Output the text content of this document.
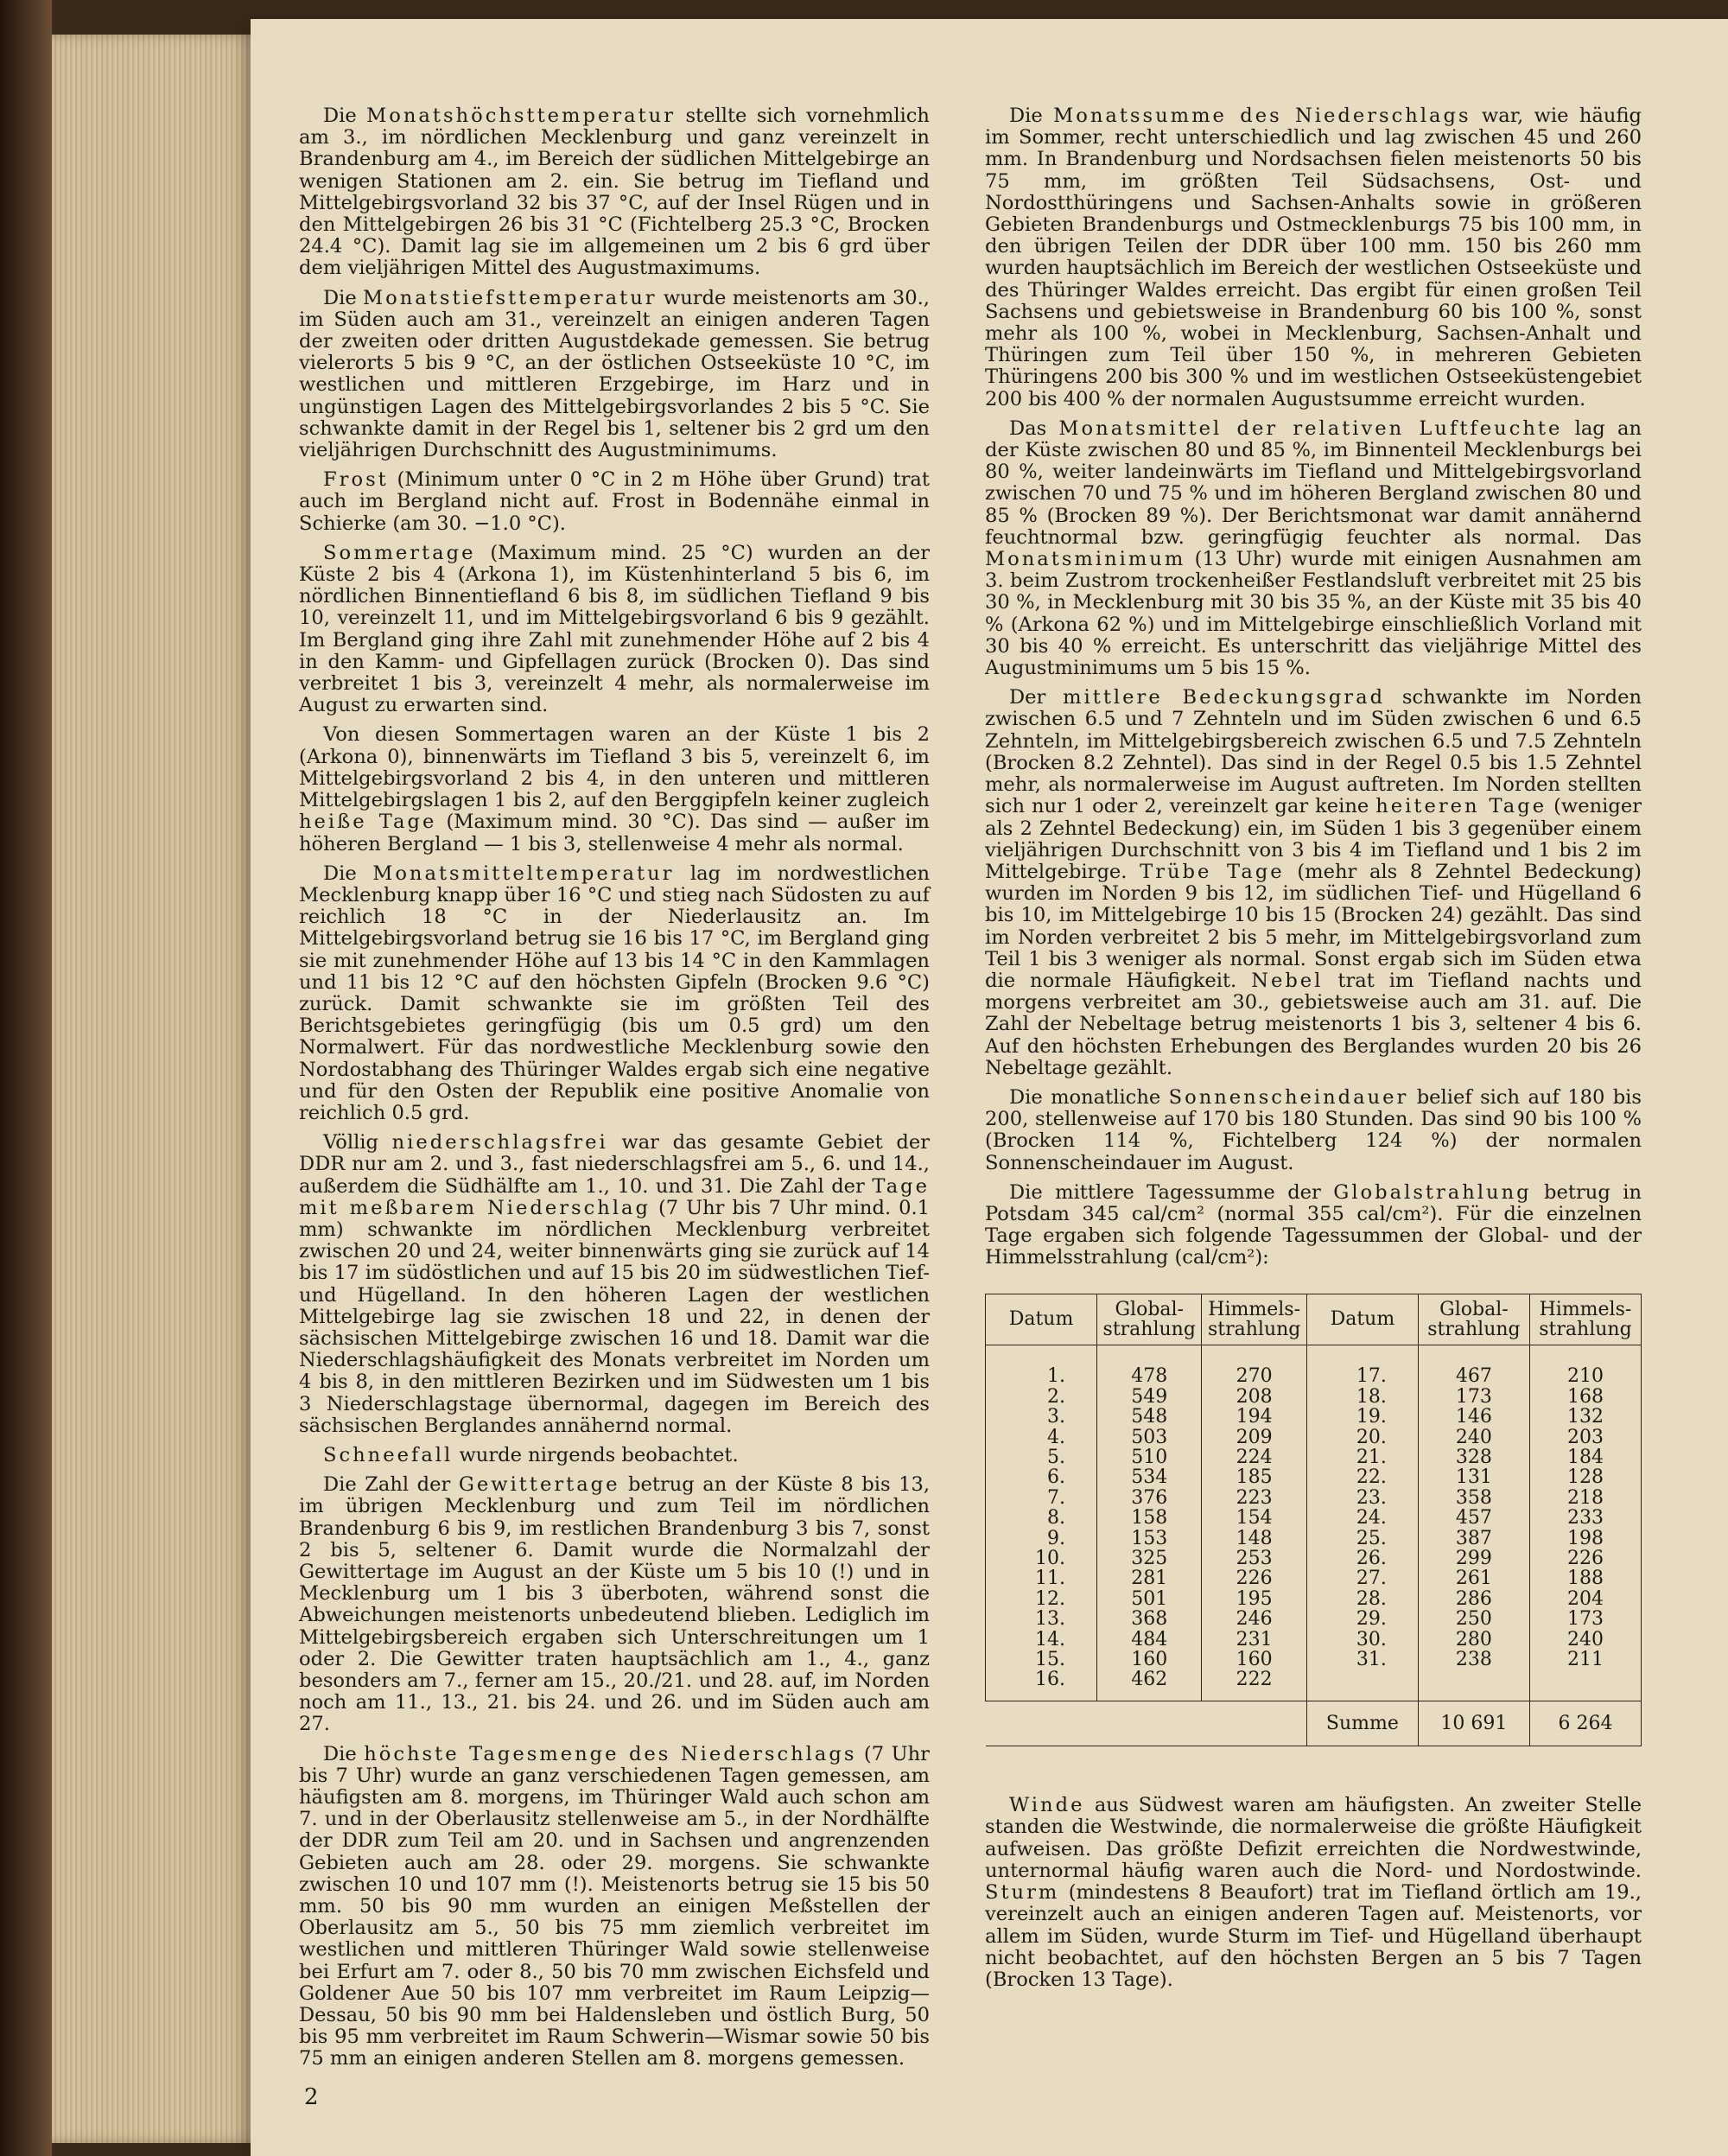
Die Monatshöchsttemperatur stellte sich vornehmlich am 3., im nördlichen Mecklenburg und ganz vereinzelt in Brandenburg am 4., im Bereich der südlichen Mittelgebirge an wenigen Stationen am 2. ein. Sie betrug im Tiefland und Mittelgebirgsvorland 32 bis 37 °C, auf der Insel Rügen und in den Mittelgebirgen 26 bis 31 °C (Fichtelberg 25.3 °C, Brocken 24.4 °C). Damit lag sie im allgemeinen um 2 bis 6 grd über dem vieljährigen Mittel des Augustmaximums.

Die Monatstiefsttemperatur wurde meistenorts am 30., im Süden auch am 31., vereinzelt an einigen anderen Tagen der zweiten oder dritten Augustdekade gemessen. Sie betrug vielerorts 5 bis 9 °C, an der östlichen Ostseeküste 10 °C, im westlichen und mittleren Erzgebirge, im Harz und in ungünstigen Lagen des Mittelgebirgsvorlandes 2 bis 5 °C. Sie schwankte damit in der Regel bis 1, seltener bis 2 grd um den vieljährigen Durchschnitt des Augustminimums.

Frost (Minimum unter 0 °C in 2 m Höhe über Grund) trat auch im Bergland nicht auf. Frost in Bodennähe einmal in Schierke (am 30. −1.0 °C).

Sommertage (Maximum mind. 25 °C) wurden an der Küste 2 bis 4 (Arkona 1), im Küstenhinterland 5 bis 6, im nördlichen Binnentiefland 6 bis 8, im südlichen Tiefland 9 bis 10, vereinzelt 11, und im Mittelgebirgsvorland 6 bis 9 gezählt. Im Bergland ging ihre Zahl mit zunehmender Höhe auf 2 bis 4 in den Kamm- und Gipfellagen zurück (Brocken 0). Das sind verbreitet 1 bis 3, vereinzelt 4 mehr, als normalerweise im August zu erwarten sind.

Von diesen Sommertagen waren an der Küste 1 bis 2 (Arkona 0), binnenwärts im Tiefland 3 bis 5, vereinzelt 6, im Mittelgebirgsvorland 2 bis 4, in den unteren und mittleren Mittelgebirgslagen 1 bis 2, auf den Berggipfeln keiner zugleich heiße Tage (Maximum mind. 30 °C). Das sind — außer im höheren Bergland — 1 bis 3, stellenweise 4 mehr als normal.

Die Monatsmitteltemperatur lag im nordwestlichen Mecklenburg knapp über 16 °C und stieg nach Südosten zu auf reichlich 18 °C in der Niederlausitz an. Im Mittelgebirgsvorland betrug sie 16 bis 17 °C, im Bergland ging sie mit zunehmender Höhe auf 13 bis 14 °C in den Kammlagen und 11 bis 12 °C auf den höchsten Gipfeln (Brocken 9.6 °C) zurück. Damit schwankte sie im größten Teil des Berichtsgebietes geringfügig (bis um 0.5 grd) um den Normalwert. Für das nordwestliche Mecklenburg sowie den Nordostabhang des Thüringer Waldes ergab sich eine negative und für den Osten der Republik eine positive Anomalie von reichlich 0.5 grd.

Völlig niederschlagsfrei war das gesamte Gebiet der DDR nur am 2. und 3., fast niederschlagsfrei am 5., 6. und 14., außerdem die Südhälfte am 1., 10. und 31. Die Zahl der Tage mit meßbarem Niederschlag (7 Uhr bis 7 Uhr mind. 0.1 mm) schwankte im nördlichen Mecklenburg verbreitet zwischen 20 und 24, weiter binnenwärts ging sie zurück auf 14 bis 17 im südöstlichen und auf 15 bis 20 im südwestlichen Tief- und Hügelland. In den höheren Lagen der westlichen Mittelgebirge lag sie zwischen 18 und 22, in denen der sächsischen Mittelgebirge zwischen 16 und 18. Damit war die Niederschlagshäufigkeit des Monats verbreitet im Norden um 4 bis 8, in den mittleren Bezirken und im Südwesten um 1 bis 3 Niederschlagstage übernormal, dagegen im Bereich des sächsischen Berglandes annähernd normal.

Schneefall wurde nirgends beobachtet.

Die Zahl der Gewittertage betrug an der Küste 8 bis 13, im übrigen Mecklenburg und zum Teil im nördlichen Brandenburg 6 bis 9, im restlichen Brandenburg 3 bis 7, sonst 2 bis 5, seltener 6. Damit wurde die Normalzahl der Gewittertage im August an der Küste um 5 bis 10 (!) und in Mecklenburg um 1 bis 3 überboten, während sonst die Abweichungen meistenorts unbedeutend blieben. Lediglich im Mittelgebirgsbereich ergaben sich Unterschreitungen um 1 oder 2. Die Gewitter traten hauptsächlich am 1., 4., ganz besonders am 7., ferner am 15., 20./21. und 28. auf, im Norden noch am 11., 13., 21. bis 24. und 26. und im Süden auch am 27.

Die höchste Tagesmenge des Niederschlags (7 Uhr bis 7 Uhr) wurde an ganz verschiedenen Tagen gemessen, am häufigsten am 8. morgens, im Thüringer Wald auch schon am 7. und in der Oberlausitz stellenweise am 5., in der Nordhälfte der DDR zum Teil am 20. und in Sachsen und angrenzenden Gebieten auch am 28. oder 29. morgens. Sie schwankte zwischen 10 und 107 mm (!). Meistenorts betrug sie 15 bis 50 mm. 50 bis 90 mm wurden an einigen Meßstellen der Oberlausitz am 5., 50 bis 75 mm ziemlich verbreitet im westlichen und mittleren Thüringer Wald sowie stellenweise bei Erfurt am 7. oder 8., 50 bis 70 mm zwischen Eichsfeld und Goldener Aue 50 bis 107 mm verbreitet im Raum Leipzig—Dessau, 50 bis 90 mm bei Haldensleben und östlich Burg, 50 bis 95 mm verbreitet im Raum Schwerin—Wismar sowie 50 bis 75 mm an einigen anderen Stellen am 8. morgens gemessen.

Die Monatssumme des Niederschlags war, wie häufig im Sommer, recht unterschiedlich und lag zwischen 45 und 260 mm. In Brandenburg und Nordsachsen fielen meistenorts 50 bis 75 mm, im größten Teil Südsachsens, Ost- und Nordostthüringens und Sachsen-Anhalts sowie in größeren Gebieten Brandenburgs und Ostmecklenburgs 75 bis 100 mm, in den übrigen Teilen der DDR über 100 mm. 150 bis 260 mm wurden hauptsächlich im Bereich der westlichen Ostseeküste und des Thüringer Waldes erreicht. Das ergibt für einen großen Teil Sachsens und gebietsweise in Brandenburg 60 bis 100 %, sonst mehr als 100 %, wobei in Mecklenburg, Sachsen-Anhalt und Thüringen zum Teil über 150 %, in mehreren Gebieten Thüringens 200 bis 300 % und im westlichen Ostseeküstengebiet 200 bis 400 % der normalen Augustsumme erreicht wurden.

Das Monatsmittel der relativen Luftfeuchte lag an der Küste zwischen 80 und 85 %, im Binnenteil Mecklenburgs bei 80 %, weiter landeinwärts im Tiefland und Mittelgebirgsvorland zwischen 70 und 75 % und im höheren Bergland zwischen 80 und 85 % (Brocken 89 %). Der Berichtsmonat war damit annähernd feuchtnormal bzw. geringfügig feuchter als normal. Das Monatsminimum (13 Uhr) wurde mit einigen Ausnahmen am 3. beim Zustrom trockenheißer Festlandsluft verbreitet mit 25 bis 30 %, in Mecklenburg mit 30 bis 35 %, an der Küste mit 35 bis 40 % (Arkona 62 %) und im Mittelgebirge einschließlich Vorland mit 30 bis 40 % erreicht. Es unterschritt das vieljährige Mittel des Augustminimums um 5 bis 15 %.

Der mittlere Bedeckungsgrad schwankte im Norden zwischen 6.5 und 7 Zehnteln und im Süden zwischen 6 und 6.5 Zehnteln, im Mittelgebirgsbereich zwischen 6.5 und 7.5 Zehnteln (Brocken 8.2 Zehntel). Das sind in der Regel 0.5 bis 1.5 Zehntel mehr, als normalerweise im August auftreten. Im Norden stellten sich nur 1 oder 2, vereinzelt gar keine heiteren Tage (weniger als 2 Zehntel Bedeckung) ein, im Süden 1 bis 3 gegenüber einem vieljährigen Durchschnitt von 3 bis 4 im Tiefland und 1 bis 2 im Mittelgebirge. Trübe Tage (mehr als 8 Zehntel Bedeckung) wurden im Norden 9 bis 12, im südlichen Tief- und Hügelland 6 bis 10, im Mittelgebirge 10 bis 15 (Brocken 24) gezählt. Das sind im Norden verbreitet 2 bis 5 mehr, im Mittelgebirgsvorland zum Teil 1 bis 3 weniger als normal. Sonst ergab sich im Süden etwa die normale Häufigkeit. Nebel trat im Tiefland nachts und morgens verbreitet am 30., gebietsweise auch am 31. auf. Die Zahl der Nebeltage betrug meistenorts 1 bis 3, seltener 4 bis 6. Auf den höchsten Erhebungen des Berglandes wurden 20 bis 26 Nebeltage gezählt.

Die monatliche Sonnenscheindauer belief sich auf 180 bis 200, stellenweise auf 170 bis 180 Stunden. Das sind 90 bis 100 % (Brocken 114 %, Fichtelberg 124 %) der normalen Sonnenscheindauer im August.

Die mittlere Tagessumme der Globalstrahlung betrug in Potsdam 345 cal/cm² (normal 355 cal/cm²). Für die einzelnen Tage ergaben sich folgende Tagessummen der Global- und der Himmelsstrahlung (cal/cm²):

Datum	Global-strahlung	Himmels-strahlung	Datum	Global-strahlung	Himmels-strahlung
1.	478	270	17.	467	210
2.	549	208	18.	173	168
3.	548	194	19.	146	132
4.	503	209	20.	240	203
5.	510	224	21.	328	184
6.	534	185	22.	131	128
7.	376	223	23.	358	218
8.	158	154	24.	457	233
9.	153	148	25.	387	198
10.	325	253	26.	299	226
11.	281	226	27.	261	188
12.	501	195	28.	286	204
13.	368	246	29.	250	173
14.	484	231	30.	280	240
15.	160	160	31.	238	211
16.	462	222			
			Summe	10 691	6 264

Winde aus Südwest waren am häufigsten. An zweiter Stelle standen die Westwinde, die normalerweise die größte Häufigkeit aufweisen. Das größte Defizit erreichten die Nordwestwinde, unternormal häufig waren auch die Nord- und Nordostwinde. Sturm (mindestens 8 Beaufort) trat im Tiefland örtlich am 19., vereinzelt auch an einigen anderen Tagen auf. Meistenorts, vor allem im Süden, wurde Sturm im Tief- und Hügelland überhaupt nicht beobachtet, auf den höchsten Bergen an 5 bis 7 Tagen (Brocken 13 Tage).

2
